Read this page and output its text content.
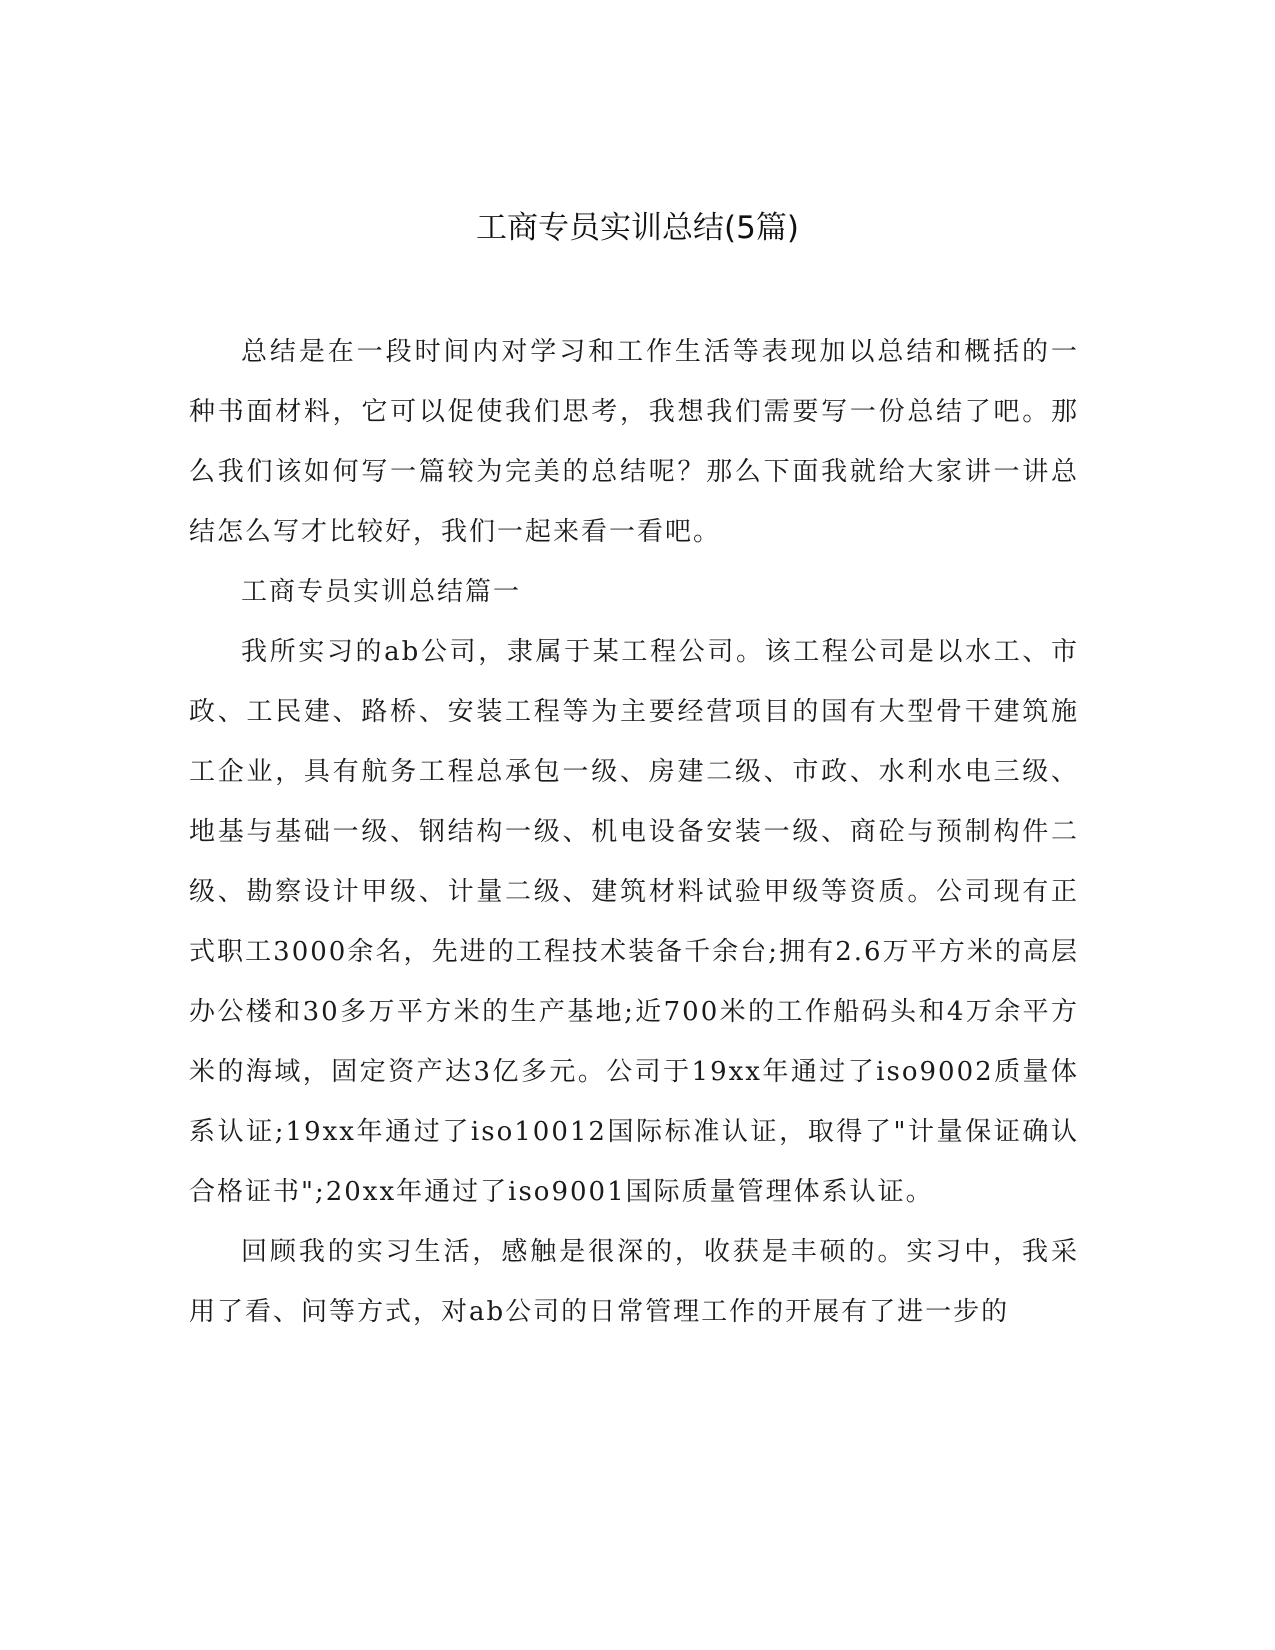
工商专员实训总结(5篇)

总结是在一段时间内对学习和工作生活等表现加以总结和概括的一种书面材料，它可以促使我们思考，我想我们需要写一份总结了吧。那么我们该如何写一篇较为完美的总结呢？那么下面我就给大家讲一讲总结怎么写才比较好，我们一起来看一看吧。

工商专员实训总结篇一

我所实习的ab公司，隶属于某工程公司。该工程公司是以水工、市政、工民建、路桥、安装工程等为主要经营项目的国有大型骨干建筑施工企业，具有航务工程总承包一级、房建二级、市政、水利水电三级、地基与基础一级、钢结构一级、机电设备安装一级、商砼与预制构件二级、勘察设计甲级、计量二级、建筑材料试验甲级等资质。公司现有正式职工3000余名，先进的工程技术装备千余台;拥有2.6万平方米的高层办公楼和30多万平方米的生产基地;近700米的工作船码头和4万余平方米的海域，固定资产达3亿多元。公司于19xx年通过了iso9002质量体系认证;19xx年通过了iso10012国际标准认证，取得了"计量保证确认合格证书";20xx年通过了iso9001国际质量管理体系认证。

回顾我的实习生活，感触是很深的，收获是丰硕的。实习中，我采用了看、问等方式，对ab公司的日常管理工作的开展有了进一步的
